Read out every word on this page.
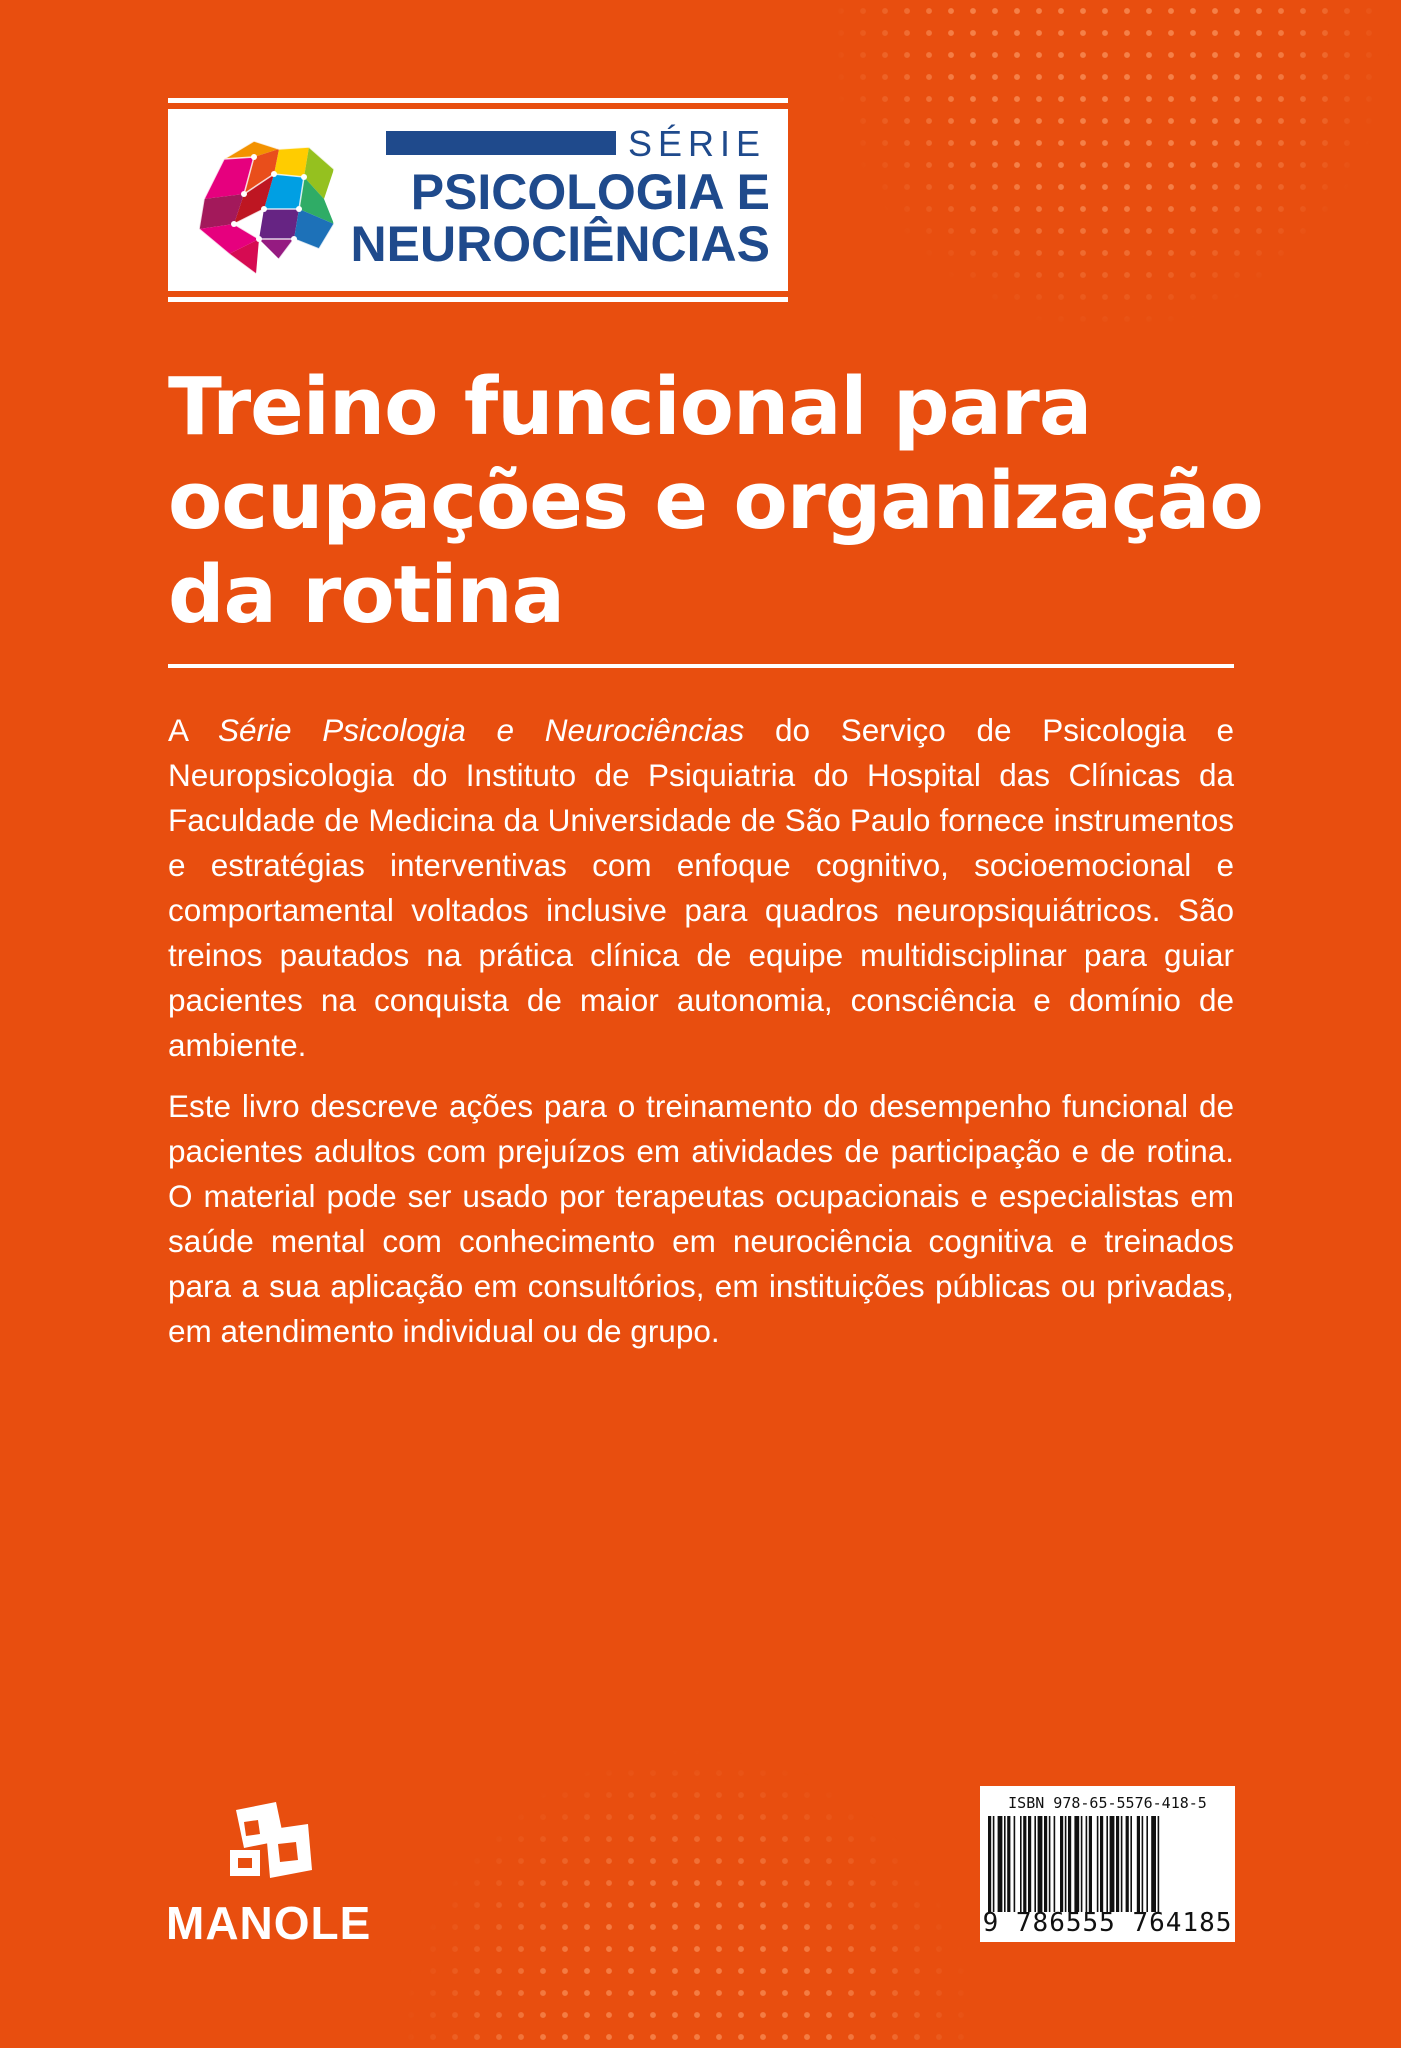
SÉRIE
PSICOLOGIA E
NEUROCIÊNCIAS
Treino funcional para
ocupações e organização
da rotina

A Série Psicologia e Neurociências do Serviço de Psicologia e Neuropsicologia do Instituto de Psiquiatria do Hospital das Clínicas da Faculdade de Medicina da Universidade de São Paulo fornece instrumentos e estratégias interventivas com enfoque cognitivo, socioemocional e comportamental voltados inclusive para quadros neuropsiquiátricos. São treinos pautados na prática clínica de equipe multidisciplinar para guiar pacientes na conquista de maior autonomia, consciência e domínio de ambiente.

Este livro descreve ações para o treinamento do desempenho funcional de pacientes adultos com prejuízos em atividades de participação e de rotina. O material pode ser usado por terapeutas ocupacionais e especialistas em saúde mental com conhecimento em neurociência cognitiva e treinados para a sua aplicação em consultórios, em instituições públicas ou privadas, em atendimento individual ou de grupo.

MANOLE
ISBN 978-65-5576-418-5
9 786555 764185
